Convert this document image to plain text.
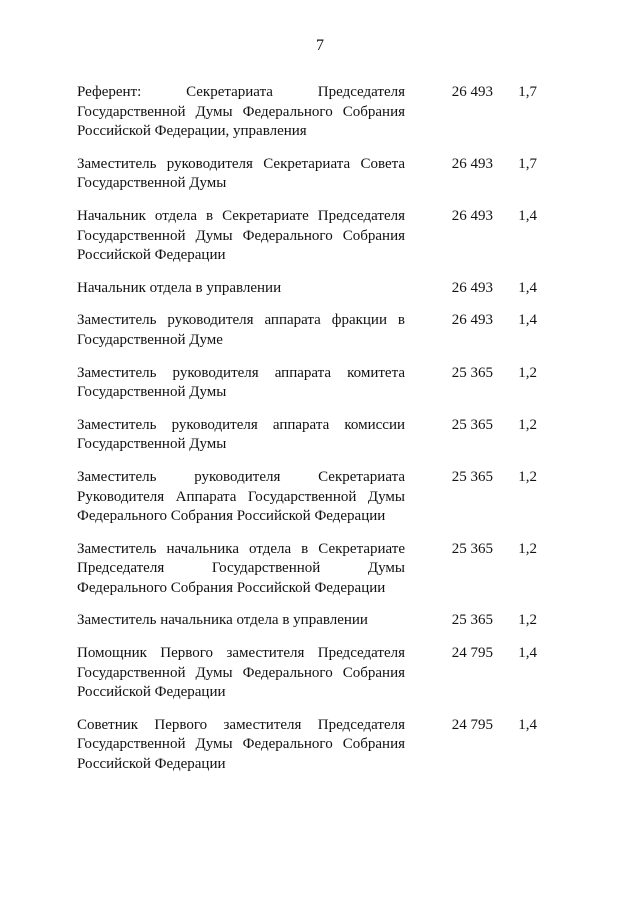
7
Референт: Секретариата Председателя Государственной Думы Федерального Собрания Российской Федерации, управления
26 493	1,7
Заместитель руководителя Секретариата Совета Государственной Думы
26 493	1,7
Начальник отдела в Секретариате Председателя Государственной Думы Федерального Собрания Российской Федерации
26 493	1,4
Начальник отдела в управлении	26 493	1,4
Заместитель руководителя аппарата фракции в Государственной Думе
26 493	1,4
Заместитель руководителя аппарата комитета Государственной Думы
25 365	1,2
Заместитель руководителя аппарата комиссии Государственной Думы
25 365	1,2
Заместитель руководителя Секретариата Руководителя Аппарата Государственной Думы Федерального Собрания Российской Федерации
25 365	1,2
Заместитель начальника отдела в Секретариате Председателя Государственной Думы Федерального Собрания Российской Федерации
25 365	1,2
Заместитель начальника отдела в управлении	25 365	1,2
Помощник Первого заместителя Председателя Государственной Думы Федерального Собрания Российской Федерации
24 795	1,4
Советник Первого заместителя Председателя Государственной Думы Федерального Собрания Российской Федерации
24 795	1,4
